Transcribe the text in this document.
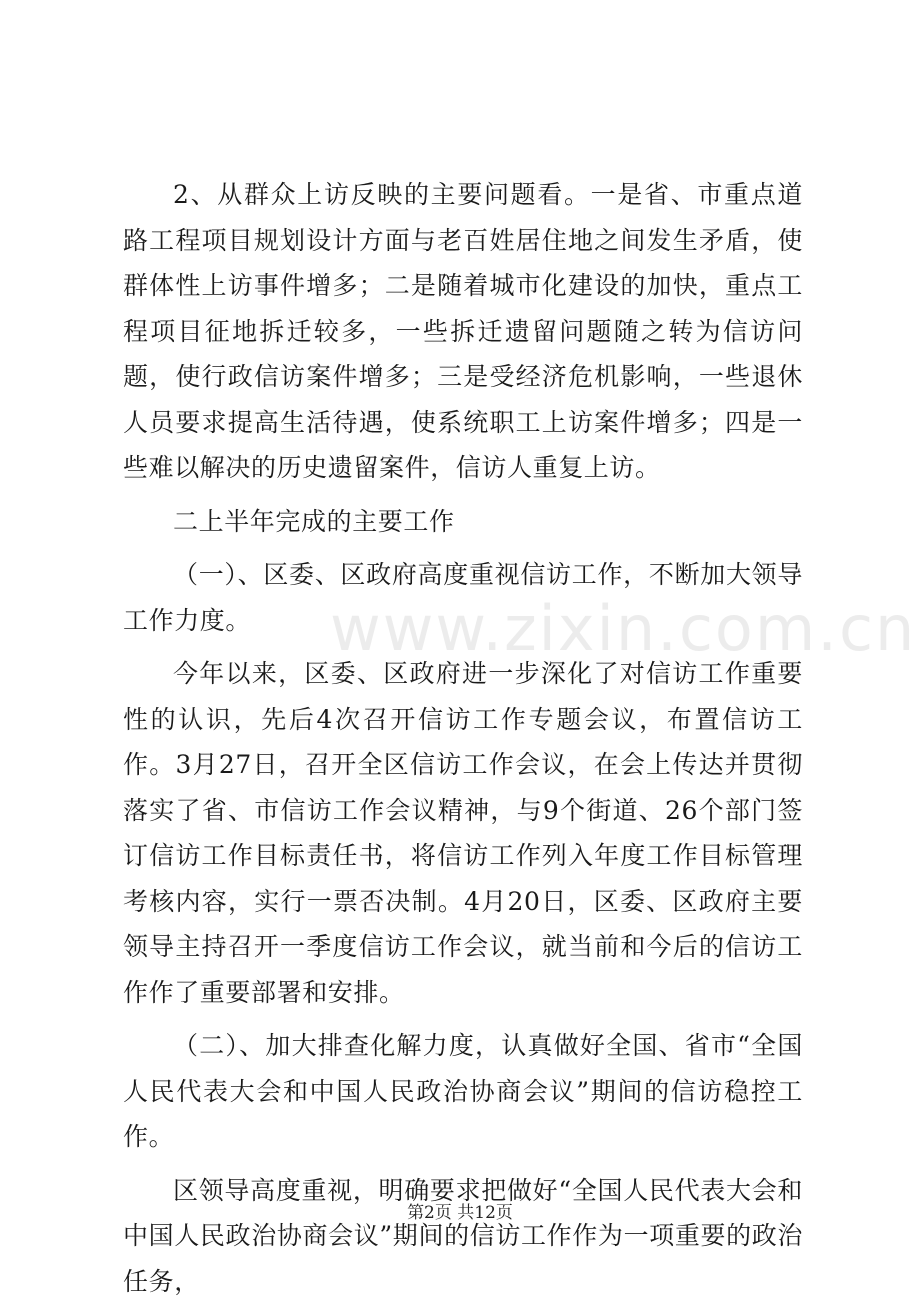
2、从群众上访反映的主要问题看。一是省、市重点道路工程项目规划设计方面与老百姓居住地之间发生矛盾，使群体性上访事件增多；二是随着城市化建设的加快，重点工程项目征地拆迁较多，一些拆迁遗留问题随之转为信访问题，使行政信访案件增多；三是受经济危机影响，一些退休人员要求提高生活待遇，使系统职工上访案件增多；四是一些难以解决的历史遗留案件，信访人重复上访。

二上半年完成的主要工作

（一）、区委、区政府高度重视信访工作，不断加大领导工作力度。

今年以来，区委、区政府进一步深化了对信访工作重要性的认识，先后4次召开信访工作专题会议，布置信访工作。3月27日，召开全区信访工作会议，在会上传达并贯彻落实了省、市信访工作会议精神，与9个街道、26个部门签订信访工作目标责任书，将信访工作列入年度工作目标管理考核内容，实行一票否决制。4月20日，区委、区政府主要领导主持召开一季度信访工作会议，就当前和今后的信访工作作了重要部署和安排。

（二）、加大排查化解力度，认真做好全国、省市“全国人民代表大会和中国人民政治协商会议”期间的信访稳控工作。

区领导高度重视，明确要求把做好“全国人民代表大会和中国人民政治协商会议”期间的信访工作作为一项重要的政治任务，

www.zixin.com.cn
第2页 共12页
